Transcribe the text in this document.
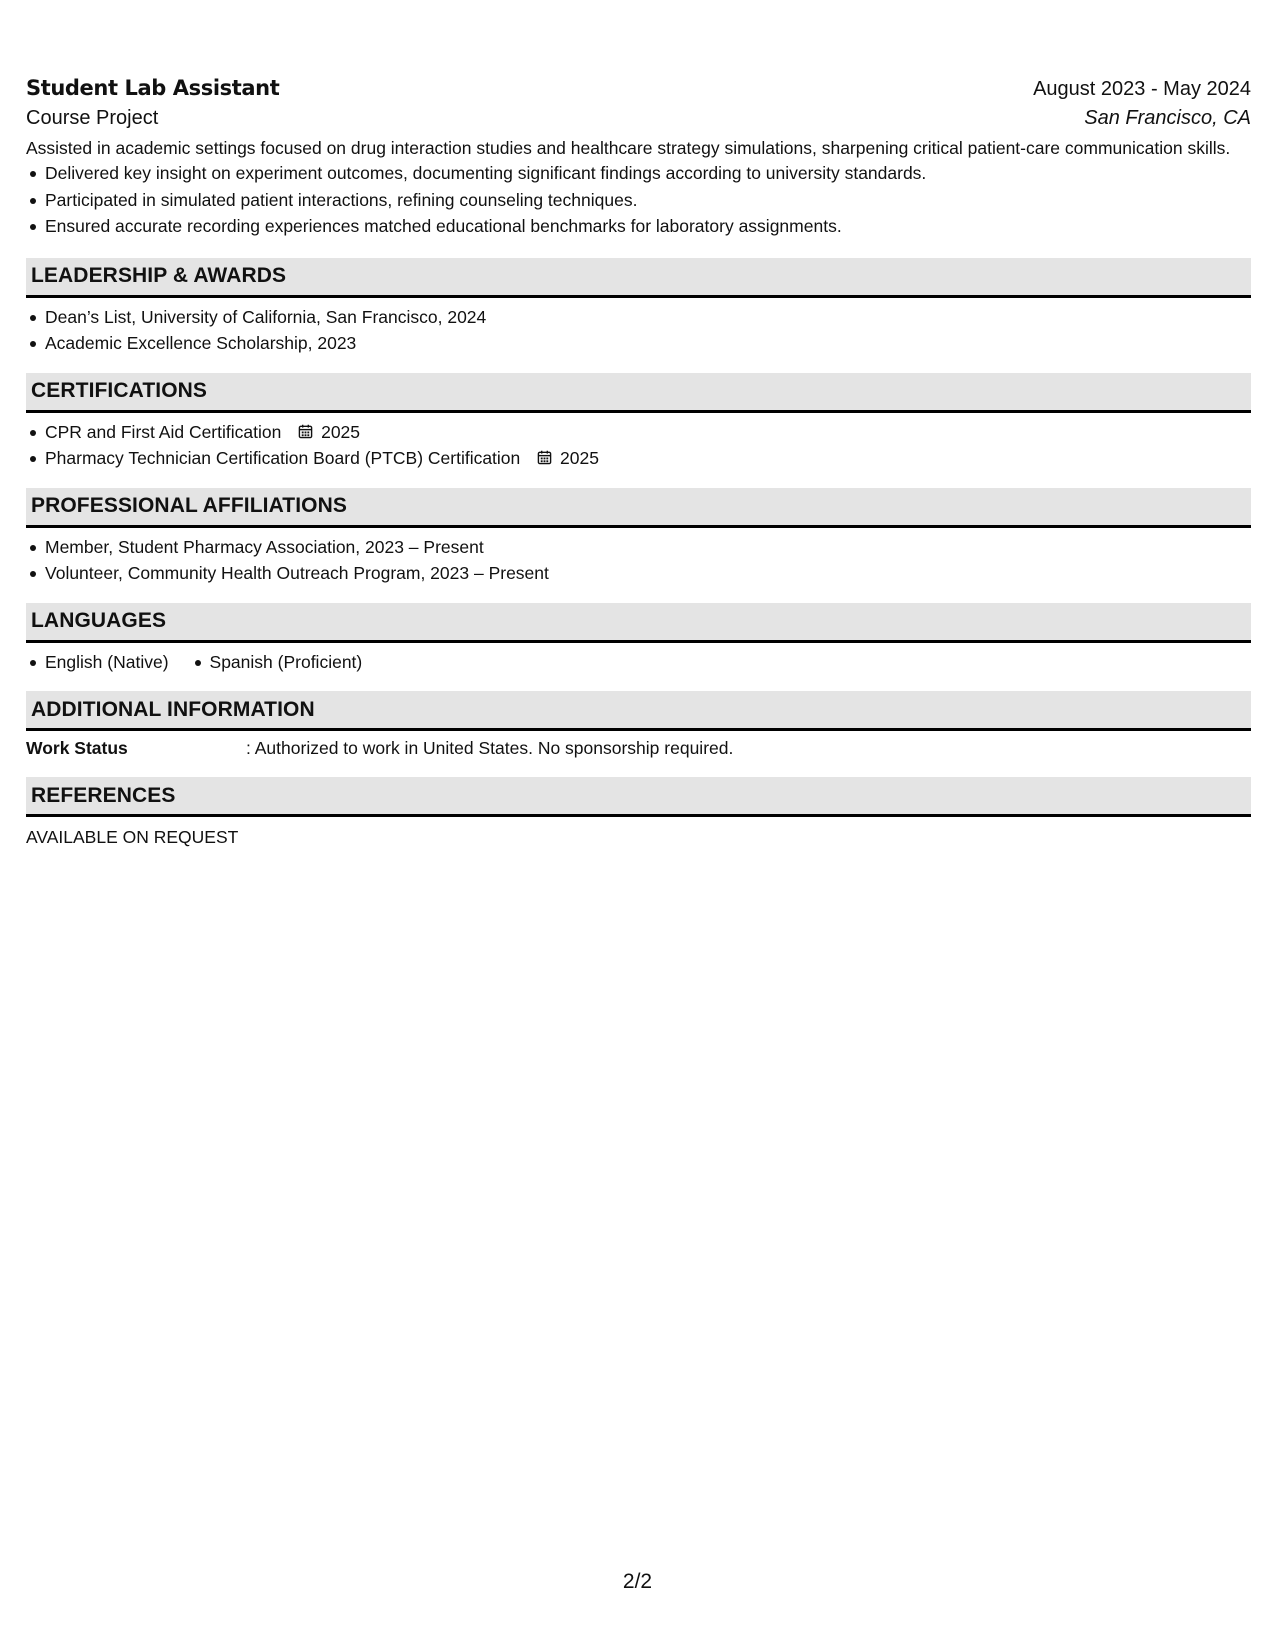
Student Lab Assistant	August 2023 - May 2024
Course Project	San Francisco, CA

Assisted in academic settings focused on drug interaction studies and healthcare strategy simulations, sharpening critical patient-care communication skills.

Delivered key insight on experiment outcomes, documenting significant findings according to university standards.
Participated in simulated patient interactions, refining counseling techniques.
Ensured accurate recording experiences matched educational benchmarks for laboratory assignments.
LEADERSHIP & AWARDS
Dean’s List, University of California, San Francisco, 2024
Academic Excellence Scholarship, 2023
CERTIFICATIONS
CPR and First Aid Certification 2025
Pharmacy Technician Certification Board (PTCB) Certification 2025
PROFESSIONAL AFFILIATIONS
Member, Student Pharmacy Association, 2023 – Present
Volunteer, Community Health Outreach Program, 2023 – Present
LANGUAGES
English (Native)	Spanish (Proficient)
ADDITIONAL INFORMATION
Work Status	: Authorized to work in United States. No sponsorship required.
REFERENCES

AVAILABLE ON REQUEST

2/2
